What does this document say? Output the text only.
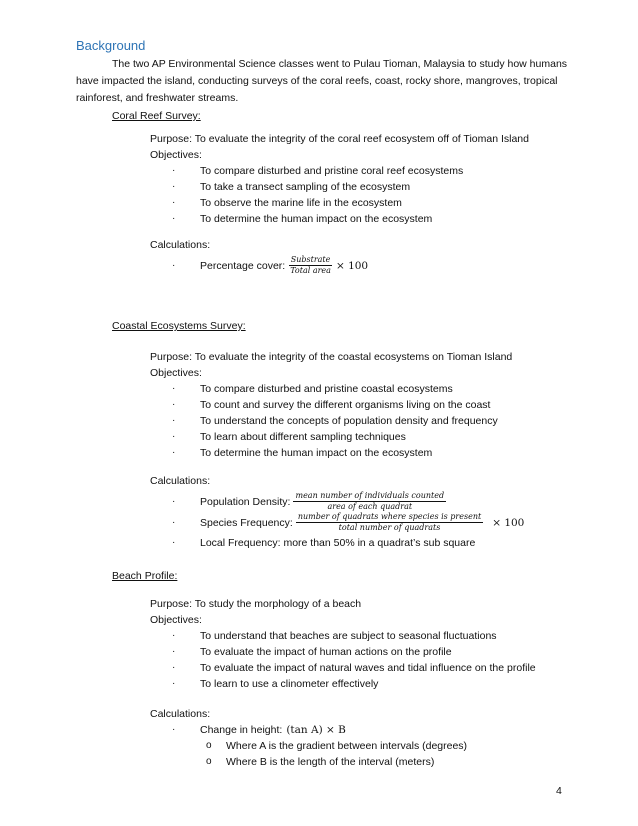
Background

The two AP Environmental Science classes went to Pulau Tioman, Malaysia to study how humans have impacted the island, conducting surveys of the coral reefs, coast, rocky shore, mangroves, tropical rainforest, and freshwater streams.

Coral Reef Survey:
Purpose: To evaluate the integrity of the coral reef ecosystem off of Tioman Island
Objectives:
·	To compare disturbed and pristine coral reef ecosystems
·	To take a transect sampling of the ecosystem
·	To observe the marine life in the ecosystem
·	To determine the human impact on the ecosystem
Calculations:
·	Percentage cover: $\frac{\text{Substrate}}{\text{Total area}} \times 100$
Coastal Ecosystems Survey:
Purpose: To evaluate the integrity of the coastal ecosystems on Tioman Island
Objectives:
·	To compare disturbed and pristine coastal ecosystems
·	To count and survey the different organisms living on the coast
·	To understand the concepts of population density and frequency
·	To learn about different sampling techniques
·	To determine the human impact on the ecosystem
Calculations:
·	Population Density: $\frac{\text{mean number of individuals counted}}{\text{area of each quadrat}}$
·	Species Frequency: $\frac{\text{number of quadrats where species is present}}{\text{total number of quadrats}} \times 100$
·	Local Frequency: more than 50% in a quadrat’s sub square
Beach Profile:
Purpose: To study the morphology of a beach
Objectives:
·	To understand that beaches are subject to seasonal fluctuations
·	To evaluate the impact of human actions on the profile
·	To evaluate the impact of natural waves and tidal influence on the profile
·	To learn to use a clinometer effectively
Calculations:
·	Change in height: (tan A) × B
o	Where A is the gradient between intervals (degrees)
o	Where B is the length of the interval (meters)
4
